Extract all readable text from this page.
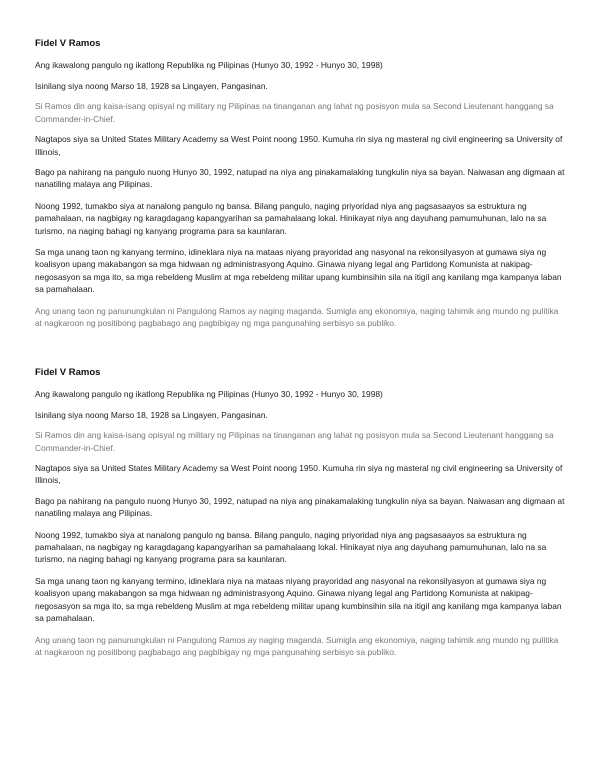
Fidel V Ramos
Ang ikawalong pangulo ng ikatlong Republika ng Pilipinas (Hunyo 30, 1992 - Hunyo 30, 1998)
Isinilang siya noong Marso 18, 1928 sa Lingayen, Pangasinan.
Si Ramos din ang kaisa-isang opisyal ng military ng Pilipinas na tinanganan ang lahat ng posisyon mula sa Second Lieutenant hanggang sa Commander-in-Chief.
Nagtapos siya sa United States Military Academy sa West Point noong 1950. Kumuha rin siya ng masteral ng civil engineering sa University of Illinois,
Bago pa nahirang na pangulo nuong Hunyo 30, 1992, natupad na niya ang pinakamalaking tungkulin niya sa bayan. Naiwasan ang digmaan at nanatiling malaya ang Pilipinas.
Noong 1992, tumakbo siya at nanalong pangulo ng bansa. Bilang pangulo, naging priyoridad niya ang pagsasaayos sa estruktura ng pamahalaan, na nagbigay ng karagdagang kapangyarihan sa pamahalaang lokal. Hinikayat niya ang dayuhang pamumuhunan, lalo na sa turismo, na naging bahagi ng kanyang programa para sa kaunlaran.
Sa mga unang taon ng kanyang termino, idineklara niya na mataas niyang prayoridad ang nasyonal na rekonsilyasyon at gumawa siya ng koalisyon upang makabangon sa mga hidwaan ng administrasyong Aquino. Ginawa niyang legal ang Partidong Komunista at nakipag-negosasyon sa mga ito, sa mga rebeldeng Muslim at mga rebeldeng militar upang kumbinsihin sila na itigil ang kanilang mga kampanya laban sa pamahalaan.
Ang unang taon ng panunungkulan ni Pangulong Ramos ay naging maganda. Sumigla ang ekonomiya, naging tahimik ang mundo ng pulitika at nagkaroon ng positibong pagbabago ang pagbibigay ng mga pangunahing serbisyo sa publiko.
Fidel V Ramos
Ang ikawalong pangulo ng ikatlong Republika ng Pilipinas (Hunyo 30, 1992 - Hunyo 30, 1998)
Isinilang siya noong Marso 18, 1928 sa Lingayen, Pangasinan.
Si Ramos din ang kaisa-isang opisyal ng military ng Pilipinas na tinanganan ang lahat ng posisyon mula sa Second Lieutenant hanggang sa Commander-in-Chief.
Nagtapos siya sa United States Military Academy sa West Point noong 1950. Kumuha rin siya ng masteral ng civil engineering sa University of Illinois,
Bago pa nahirang na pangulo nuong Hunyo 30, 1992, natupad na niya ang pinakamalaking tungkulin niya sa bayan. Naiwasan ang digmaan at nanatiling malaya ang Pilipinas.
Noong 1992, tumakbo siya at nanalong pangulo ng bansa. Bilang pangulo, naging priyoridad niya ang pagsasaayos sa estruktura ng pamahalaan, na nagbigay ng karagdagang kapangyarihan sa pamahalaang lokal. Hinikayat niya ang dayuhang pamumuhunan, lalo na sa turismo, na naging bahagi ng kanyang programa para sa kaunlaran.
Sa mga unang taon ng kanyang termino, idineklara niya na mataas niyang prayoridad ang nasyonal na rekonsilyasyon at gumawa siya ng koalisyon upang makabangon sa mga hidwaan ng administrasyong Aquino. Ginawa niyang legal ang Partidong Komunista at nakipag-negosasyon sa mga ito, sa mga rebeldeng Muslim at mga rebeldeng militar upang kumbinsihin sila na itigil ang kanilang mga kampanya laban sa pamahalaan.
Ang unang taon ng panunungkulan ni Pangulong Ramos ay naging maganda. Sumigla ang ekonomiya, naging tahimik ang mundo ng pulitika at nagkaroon ng positibong pagbabago ang pagbibigay ng mga pangunahing serbisyo sa publiko.
